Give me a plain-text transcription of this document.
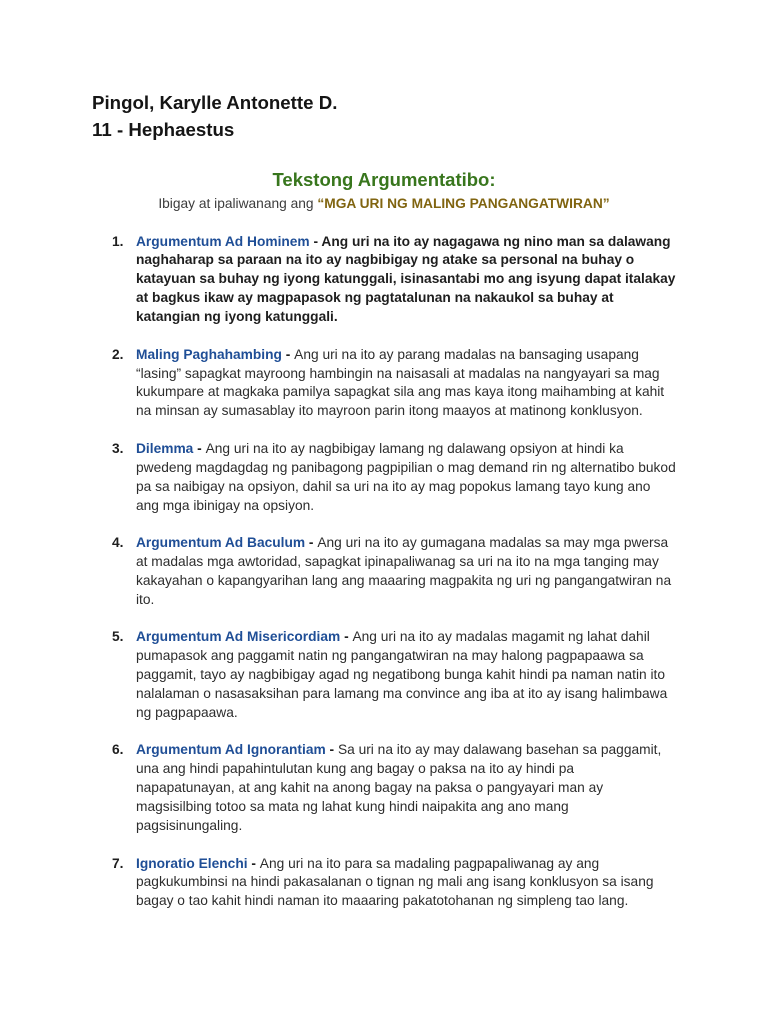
Pingol, Karylle Antonette D.
11 - Hephaestus
Tekstong Argumentatibo:
Ibigay at ipaliwanang ang “MGA URI NG MALING PANGANGATWIRAN”
1. Argumentum Ad Hominem - Ang uri na ito ay nagagawa ng nino man sa dalawang
naghaharap sa paraan na ito ay nagbibigay ng atake sa personal na buhay o
katayuan sa buhay ng iyong katunggali, isinasantabi mo ang isyung dapat italakay
at bagkus ikaw ay magpapasok ng pagtatalunan na nakaukol sa buhay at
katangian ng iyong katunggali.
2. Maling Paghahambing - Ang uri na ito ay parang madalas na bansaging usapang
“lasing” sapagkat mayroong hambingin na naisasali at madalas na nangyayari sa mag
kukumpare at magkaka pamilya sapagkat sila ang mas kaya itong maihambing at kahit
na minsan ay sumasablay ito mayroon parin itong maayos at matinong konklusyon.
3. Dilemma - Ang uri na ito ay nagbibigay lamang ng dalawang opsiyon at hindi ka
pwedeng magdagdag ng panibagong pagpipilian o mag demand rin ng alternatibo bukod
pa sa naibigay na opsiyon, dahil sa uri na ito ay mag popokus lamang tayo kung ano
ang mga ibinigay na opsiyon.
4. Argumentum Ad Baculum - Ang uri na ito ay gumagana madalas sa may mga pwersa
at madalas mga awtoridad, sapagkat ipinapaliwanag sa uri na ito na mga tanging may
kakayahan o kapangyarihan lang ang maaaring magpakita ng uri ng pangangatwiran na
ito.
5. Argumentum Ad Misericordiam - Ang uri na ito ay madalas magamit ng lahat dahil
pumapasok ang paggamit natin ng pangangatwiran na may halong pagpapaawa sa
paggamit, tayo ay nagbibigay agad ng negatibong bunga kahit hindi pa naman natin ito
nalalaman o nasasaksihan para lamang ma convince ang iba at ito ay isang halimbawa
ng pagpapaawa.
6. Argumentum Ad Ignorantiam - Sa uri na ito ay may dalawang basehan sa paggamit,
una ang hindi papahintulutan kung ang bagay o paksa na ito ay hindi pa
napapatunayan, at ang kahit na anong bagay na paksa o pangyayari man ay
magsisilbing totoo sa mata ng lahat kung hindi naipakita ang ano mang
pagsisinungaling.
7. Ignoratio Elenchi - Ang uri na ito para sa madaling pagpapaliwanag ay ang
pagkukumbinsi na hindi pakasalanan o tignan ng mali ang isang konklusyon sa isang
bagay o tao kahit hindi naman ito maaaring pakatotohanan ng simpleng tao lang.
